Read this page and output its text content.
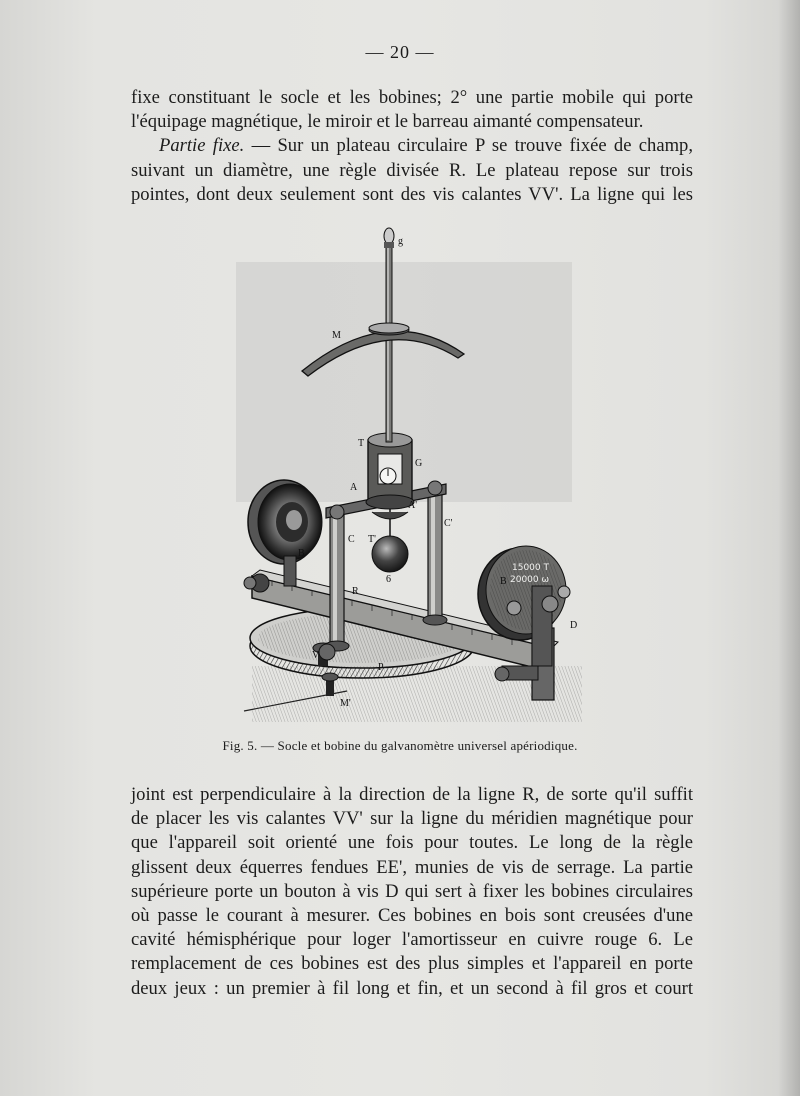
— 20 —
fixe constituant le socle et les bobines; 2° une partie mobile qui porte
l'équipage magnétique, le miroir et le barreau aimanté compensateur.
Partie fixe. — Sur un plateau circulaire P se trouve fixée de champ,
suivant un diamètre, une règle divisée R. Le plateau repose sur trois
pointes, dont deux seulement sont des vis calantes VV'. La ligne qui les
15000 T
20000 ω
g
M
T
G
A
A'
C T'
C'
B
6
R
P
V
M'
D
B
Fig. 5. — Socle et bobine du galvanomètre universel apériodique.
joint est perpendiculaire à la direction de la ligne R, de sorte qu'il suffit
de placer les vis calantes VV' sur la ligne du méridien magnétique pour
que l'appareil soit orienté une fois pour toutes. Le long de la règle
glissent deux équerres fendues EE', munies de vis de serrage. La partie
supérieure porte un bouton à vis D qui sert à fixer les bobines circulaires
où passe le courant à mesurer. Ces bobines en bois sont creusées d'une
cavité hémisphérique pour loger l'amortisseur en cuivre rouge 6. Le
remplacement de ces bobines est des plus simples et l'appareil en porte
deux jeux : un premier à fil long et fin, et un second à fil gros et court
